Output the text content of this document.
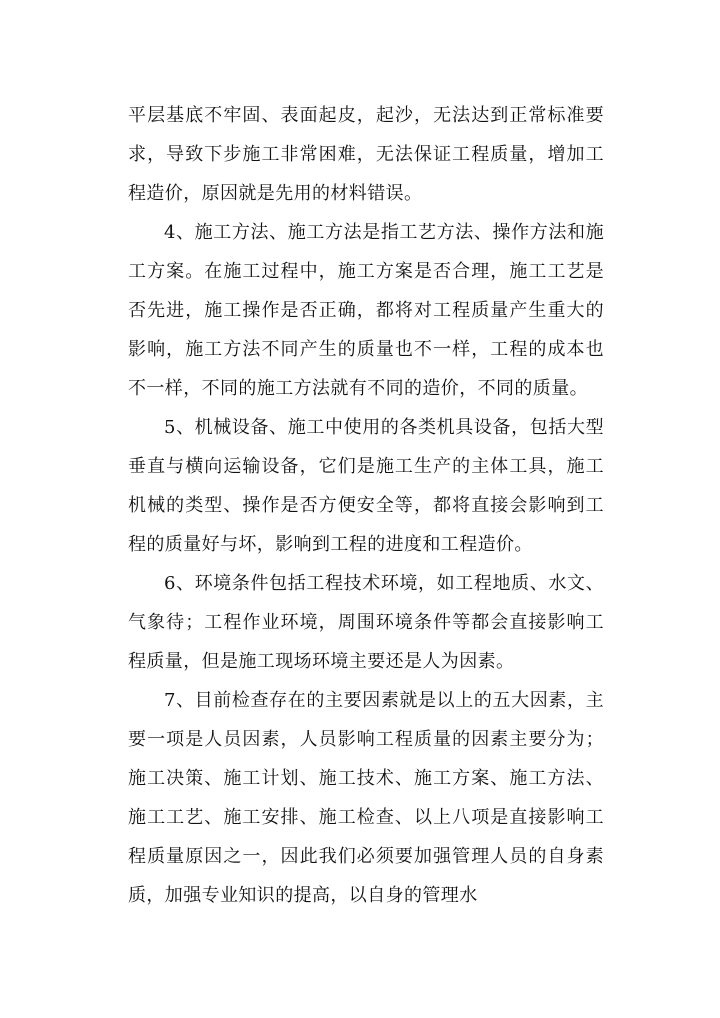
平层基底不牢固、表面起皮，起沙，无法达到正常标准要求，导致下步施工非常困难，无法保证工程质量，增加工程造价，原因就是先用的材料错误。

4、施工方法、施工方法是指工艺方法、操作方法和施工方案。在施工过程中，施工方案是否合理，施工工艺是否先进，施工操作是否正确，都将对工程质量产生重大的影响，施工方法不同产生的质量也不一样，工程的成本也不一样，不同的施工方法就有不同的造价，不同的质量。

5、机械设备、施工中使用的各类机具设备，包括大型垂直与横向运输设备，它们是施工生产的主体工具，施工机械的类型、操作是否方便安全等，都将直接会影响到工程的质量好与坏，影响到工程的进度和工程造价。

6、环境条件包括工程技术环境，如工程地质、水文、气象待；工程作业环境，周围环境条件等都会直接影响工程质量，但是施工现场环境主要还是人为因素。

7、目前检查存在的主要因素就是以上的五大因素，主要一项是人员因素，人员影响工程质量的因素主要分为；施工决策、施工计划、施工技术、施工方案、施工方法、施工工艺、施工安排、施工检查、以上八项是直接影响工程质量原因之一，因此我们必须要加强管理人员的自身素质，加强专业知识的提高，以自身的管理水
